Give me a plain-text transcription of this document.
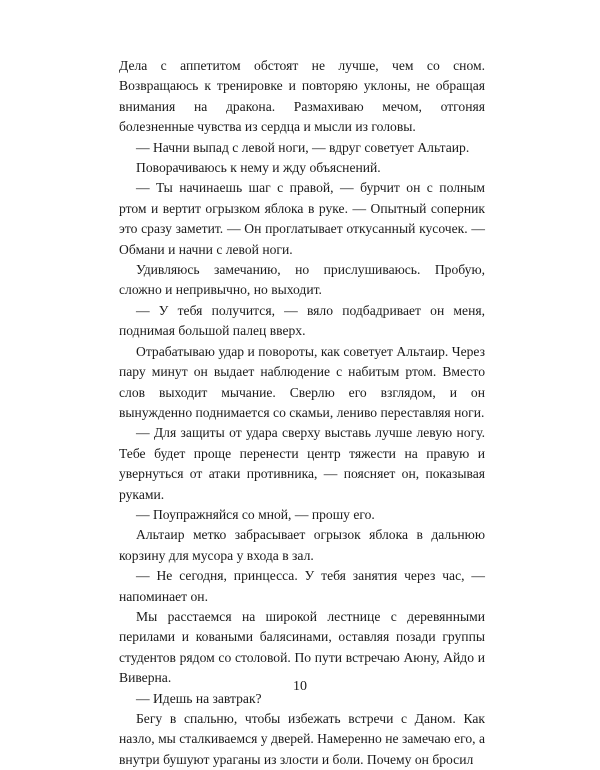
Дела с аппетитом обстоят не лучше, чем со сном. Возвращаюсь к тренировке и повторяю уклоны, не обращая внимания на дракона. Размахиваю мечом, отгоняя болезненные чувства из сердца и мысли из головы.

— Начни выпад с левой ноги, — вдруг советует Альтаир.

Поворачиваюсь к нему и жду объяснений.

— Ты начинаешь шаг с правой, — бурчит он с полным ртом и вертит огрызком яблока в руке. — Опытный соперник это сразу заметит. — Он проглатывает откусанный кусочек. — Обмани и начни с левой ноги.

Удивляюсь замечанию, но прислушиваюсь. Пробую, сложно и непривычно, но выходит.

— У тебя получится, — вяло подбадривает он меня, поднимая большой палец вверх.

Отрабатываю удар и повороты, как советует Альтаир. Через пару минут он выдает наблюдение с набитым ртом. Вместо слов выходит мычание. Сверлю его взглядом, и он вынужденно поднимается со скамьи, лениво переставляя ноги.

— Для защиты от удара сверху выставь лучше левую ногу. Тебе будет проще перенести центр тяжести на правую и увернуться от атаки противника, — поясняет он, показывая руками.

— Поупражняйся со мной, — прошу его.

Альтаир метко забрасывает огрызок яблока в дальнюю корзину для мусора у входа в зал.

— Не сегодня, принцесса. У тебя занятия через час, — напоминает он.

Мы расстаемся на широкой лестнице с деревянными перилами и коваными балясинами, оставляя позади группы студентов рядом со столовой. По пути встречаю Аюну, Айдо и Виверна.

— Идешь на завтрак?

Бегу в спальню, чтобы избежать встречи с Даном. Как назло, мы сталкиваемся у дверей. Намеренно не замечаю его, а внутри бушуют ураганы из злости и боли. Почему он бросил

10
